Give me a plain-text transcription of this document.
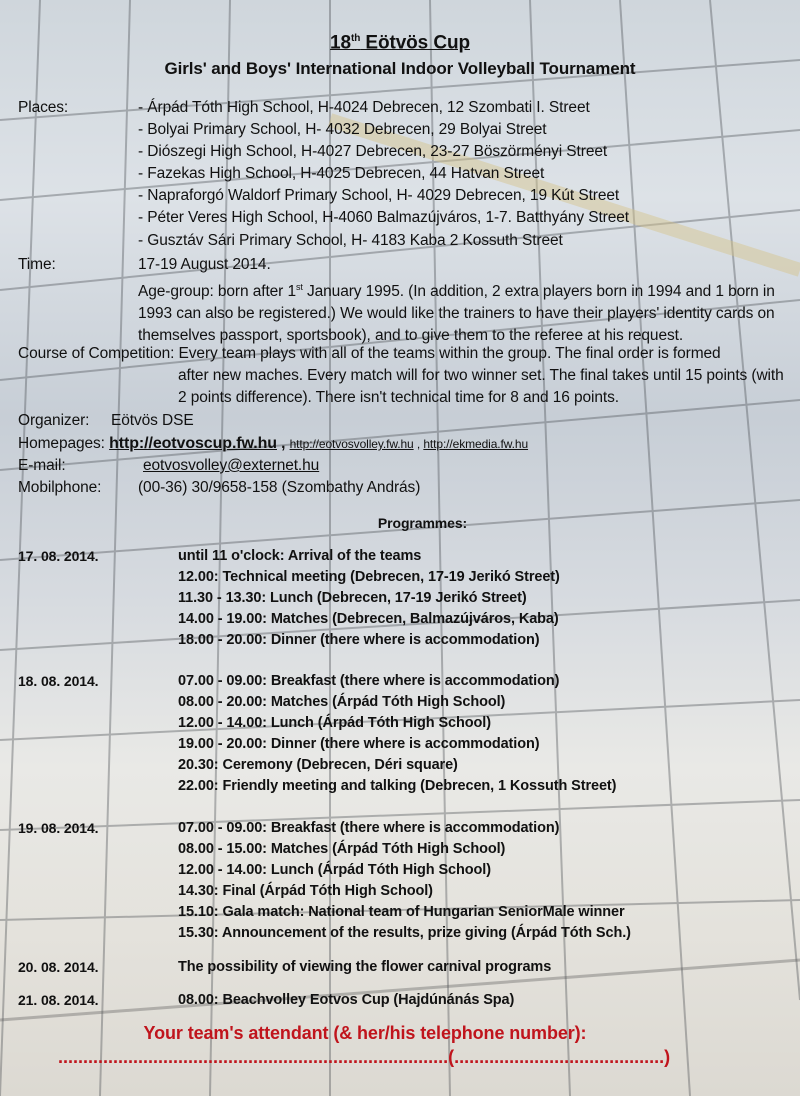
18th Eötvös Cup
Girls' and Boys' International Indoor Volleyball Tournament
Places:	- Árpád Tóth High School, H-4024 Debrecen, 12 Szombati I. Street
- Bolyai Primary School, H- 4032 Debrecen, 29 Bolyai Street
- Diószegi High School, H-4027 Debrecen, 23-27 Böszörményi Street
- Fazekas High School, H-4025 Debrecen, 44 Hatvan Street
- Napraforgó Waldorf Primary School, H- 4029 Debrecen, 19 Kút Street
- Péter Veres High School, H-4060 Balmazújváros, 1-7. Batthyány Street
- Gusztáv Sári Primary School, H- 4183 Kaba 2 Kossuth Street
Time:	17-19 August 2014.
Age-group: born after 1st January 1995. (In addition, 2 extra players born in 1994 and 1 born in 1993 can also be registered.) We would like the trainers to have their players' identity cards on themselves passport, sportsbook), and to give them to the referee at his request.
Course of Competition: Every team plays with all of the teams within the group. The final order is formed
after new maches. Every match will for two winner set. The final takes until 15 points (with 2 points difference). There isn't technical time for 8 and 16 points.
Organizer: Eötvös DSE
Homepages: http://eotvoscup.fw.hu , http://eotvosvolley.fw.hu , http://ekmedia.fw.hu
E-mail:	eotvosvolley@externet.hu
Mobilphone: (00-36) 30/9658-158 (Szombathy András)
Programmes:
17. 08. 2014.	until 11 o'clock: Arrival of the teams
12.00: Technical meeting (Debrecen, 17-19 Jerikó Street)
11.30 - 13.30: Lunch (Debrecen, 17-19 Jerikó Street)
14.00 - 19.00: Matches (Debrecen, Balmazújváros, Kaba)
18.00 - 20.00: Dinner (there where is accommodation)
18. 08. 2014.	07.00 - 09.00: Breakfast (there where is accommodation)
08.00 - 20.00: Matches (Árpád Tóth High School)
12.00 - 14.00: Lunch (Árpád Tóth High School)
19.00 - 20.00: Dinner (there where is accommodation)
20.30: Ceremony (Debrecen, Déri square)
22.00: Friendly meeting and talking (Debrecen, 1 Kossuth Street)
19. 08. 2014.	07.00 - 09.00: Breakfast (there where is accommodation)
08.00 - 15.00: Matches (Árpád Tóth High School)
12.00 - 14.00: Lunch (Árpád Tóth High School)
14.30: Final (Árpád Tóth High School)
15.10: Gala match: National team of Hungarian SeniorMale winner
15.30: Announcement of the results, prize giving (Árpád Tóth Sch.)
20. 08. 2014.	The possibility of viewing the flower carnival programs
21. 08. 2014.	08.00: Beachvolley Eotvos Cup (Hajdúnánás Spa)
Your team's attendant (& her/his telephone number):
..............................................................................(..........................................)
